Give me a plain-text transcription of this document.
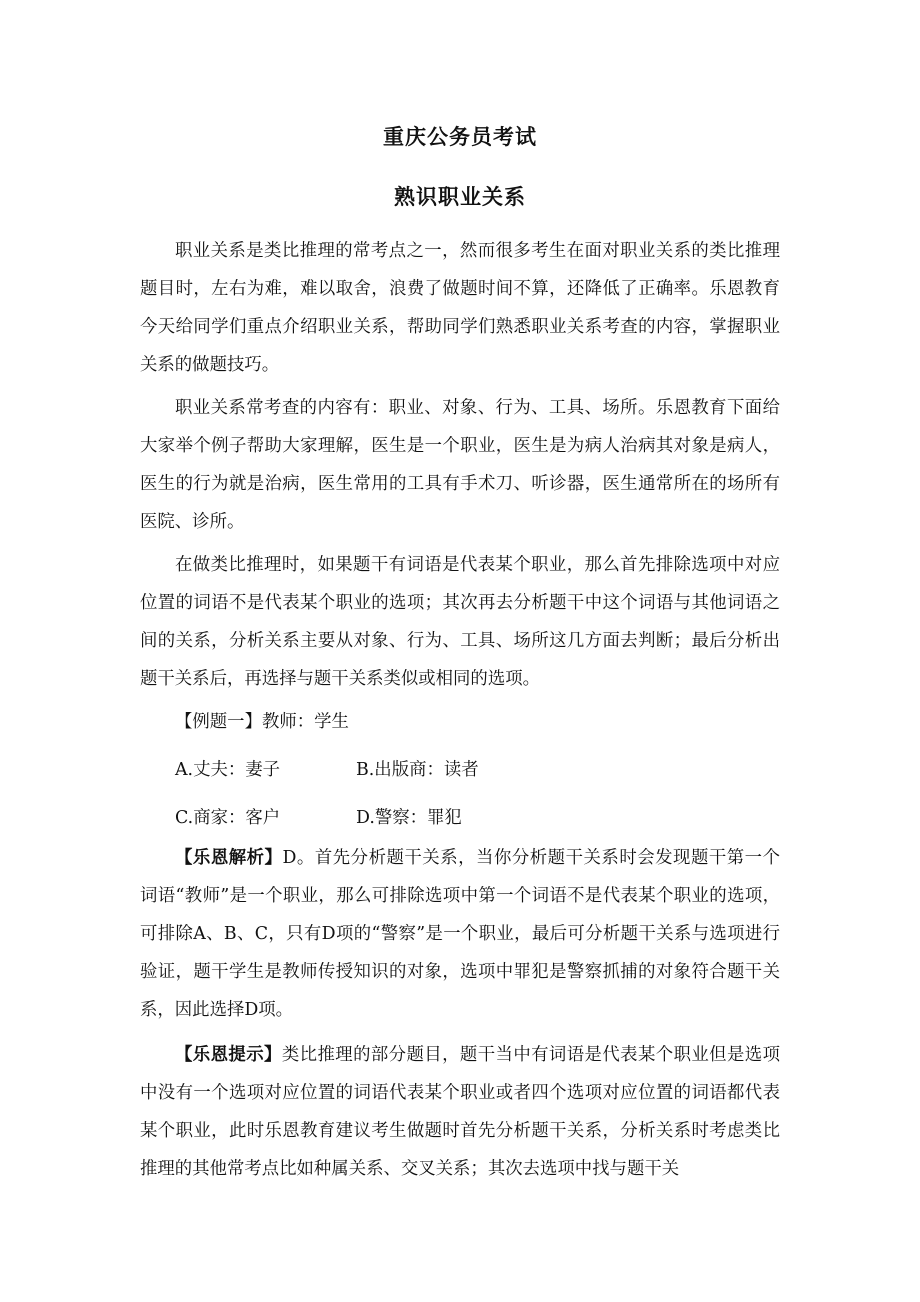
重庆公务员考试
熟识职业关系

职业关系是类比推理的常考点之一，然而很多考生在面对职业关系的类比推理题目时，左右为难，难以取舍，浪费了做题时间不算，还降低了正确率。乐恩教育今天给同学们重点介绍职业关系，帮助同学们熟悉职业关系考查的内容，掌握职业关系的做题技巧。

职业关系常考查的内容有：职业、对象、行为、工具、场所。乐恩教育下面给大家举个例子帮助大家理解，医生是一个职业，医生是为病人治病其对象是病人，医生的行为就是治病，医生常用的工具有手术刀、听诊器，医生通常所在的场所有医院、诊所。

在做类比推理时，如果题干有词语是代表某个职业，那么首先排除选项中对应位置的词语不是代表某个职业的选项；其次再去分析题干中这个词语与其他词语之间的关系，分析关系主要从对象、行为、工具、场所这几方面去判断；最后分析出题干关系后，再选择与题干关系类似或相同的选项。

【例题一】教师：学生
A.丈夫：妻子	B.出版商：读者
C.商家：客户	D.警察：罪犯

【乐恩解析】D。首先分析题干关系，当你分析题干关系时会发现题干第一个词语“教师”是一个职业，那么可排除选项中第一个词语不是代表某个职业的选项，可排除A、B、C，只有D项的“警察”是一个职业，最后可分析题干关系与选项进行验证，题干学生是教师传授知识的对象，选项中罪犯是警察抓捕的对象符合题干关系，因此选择D项。

【乐恩提示】类比推理的部分题目，题干当中有词语是代表某个职业但是选项中没有一个选项对应位置的词语代表某个职业或者四个选项对应位置的词语都代表某个职业，此时乐恩教育建议考生做题时首先分析题干关系，分析关系时考虑类比推理的其他常考点比如种属关系、交叉关系；其次去选项中找与题干关
